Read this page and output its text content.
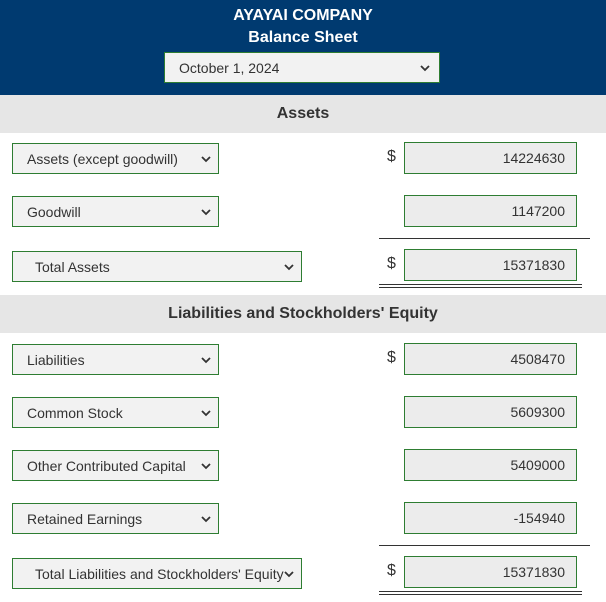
AYAYAI COMPANY
Balance Sheet
October 1, 2024
Assets
Assets (except goodwill)	$	14224630
Goodwill	1147200
Total Assets	$	15371830
Liabilities and Stockholders' Equity
Liabilities	$	4508470
Common Stock	5609300
Other Contributed Capital	5409000
Retained Earnings	-154940
Total Liabilities and Stockholders' Equity	$	15371830
